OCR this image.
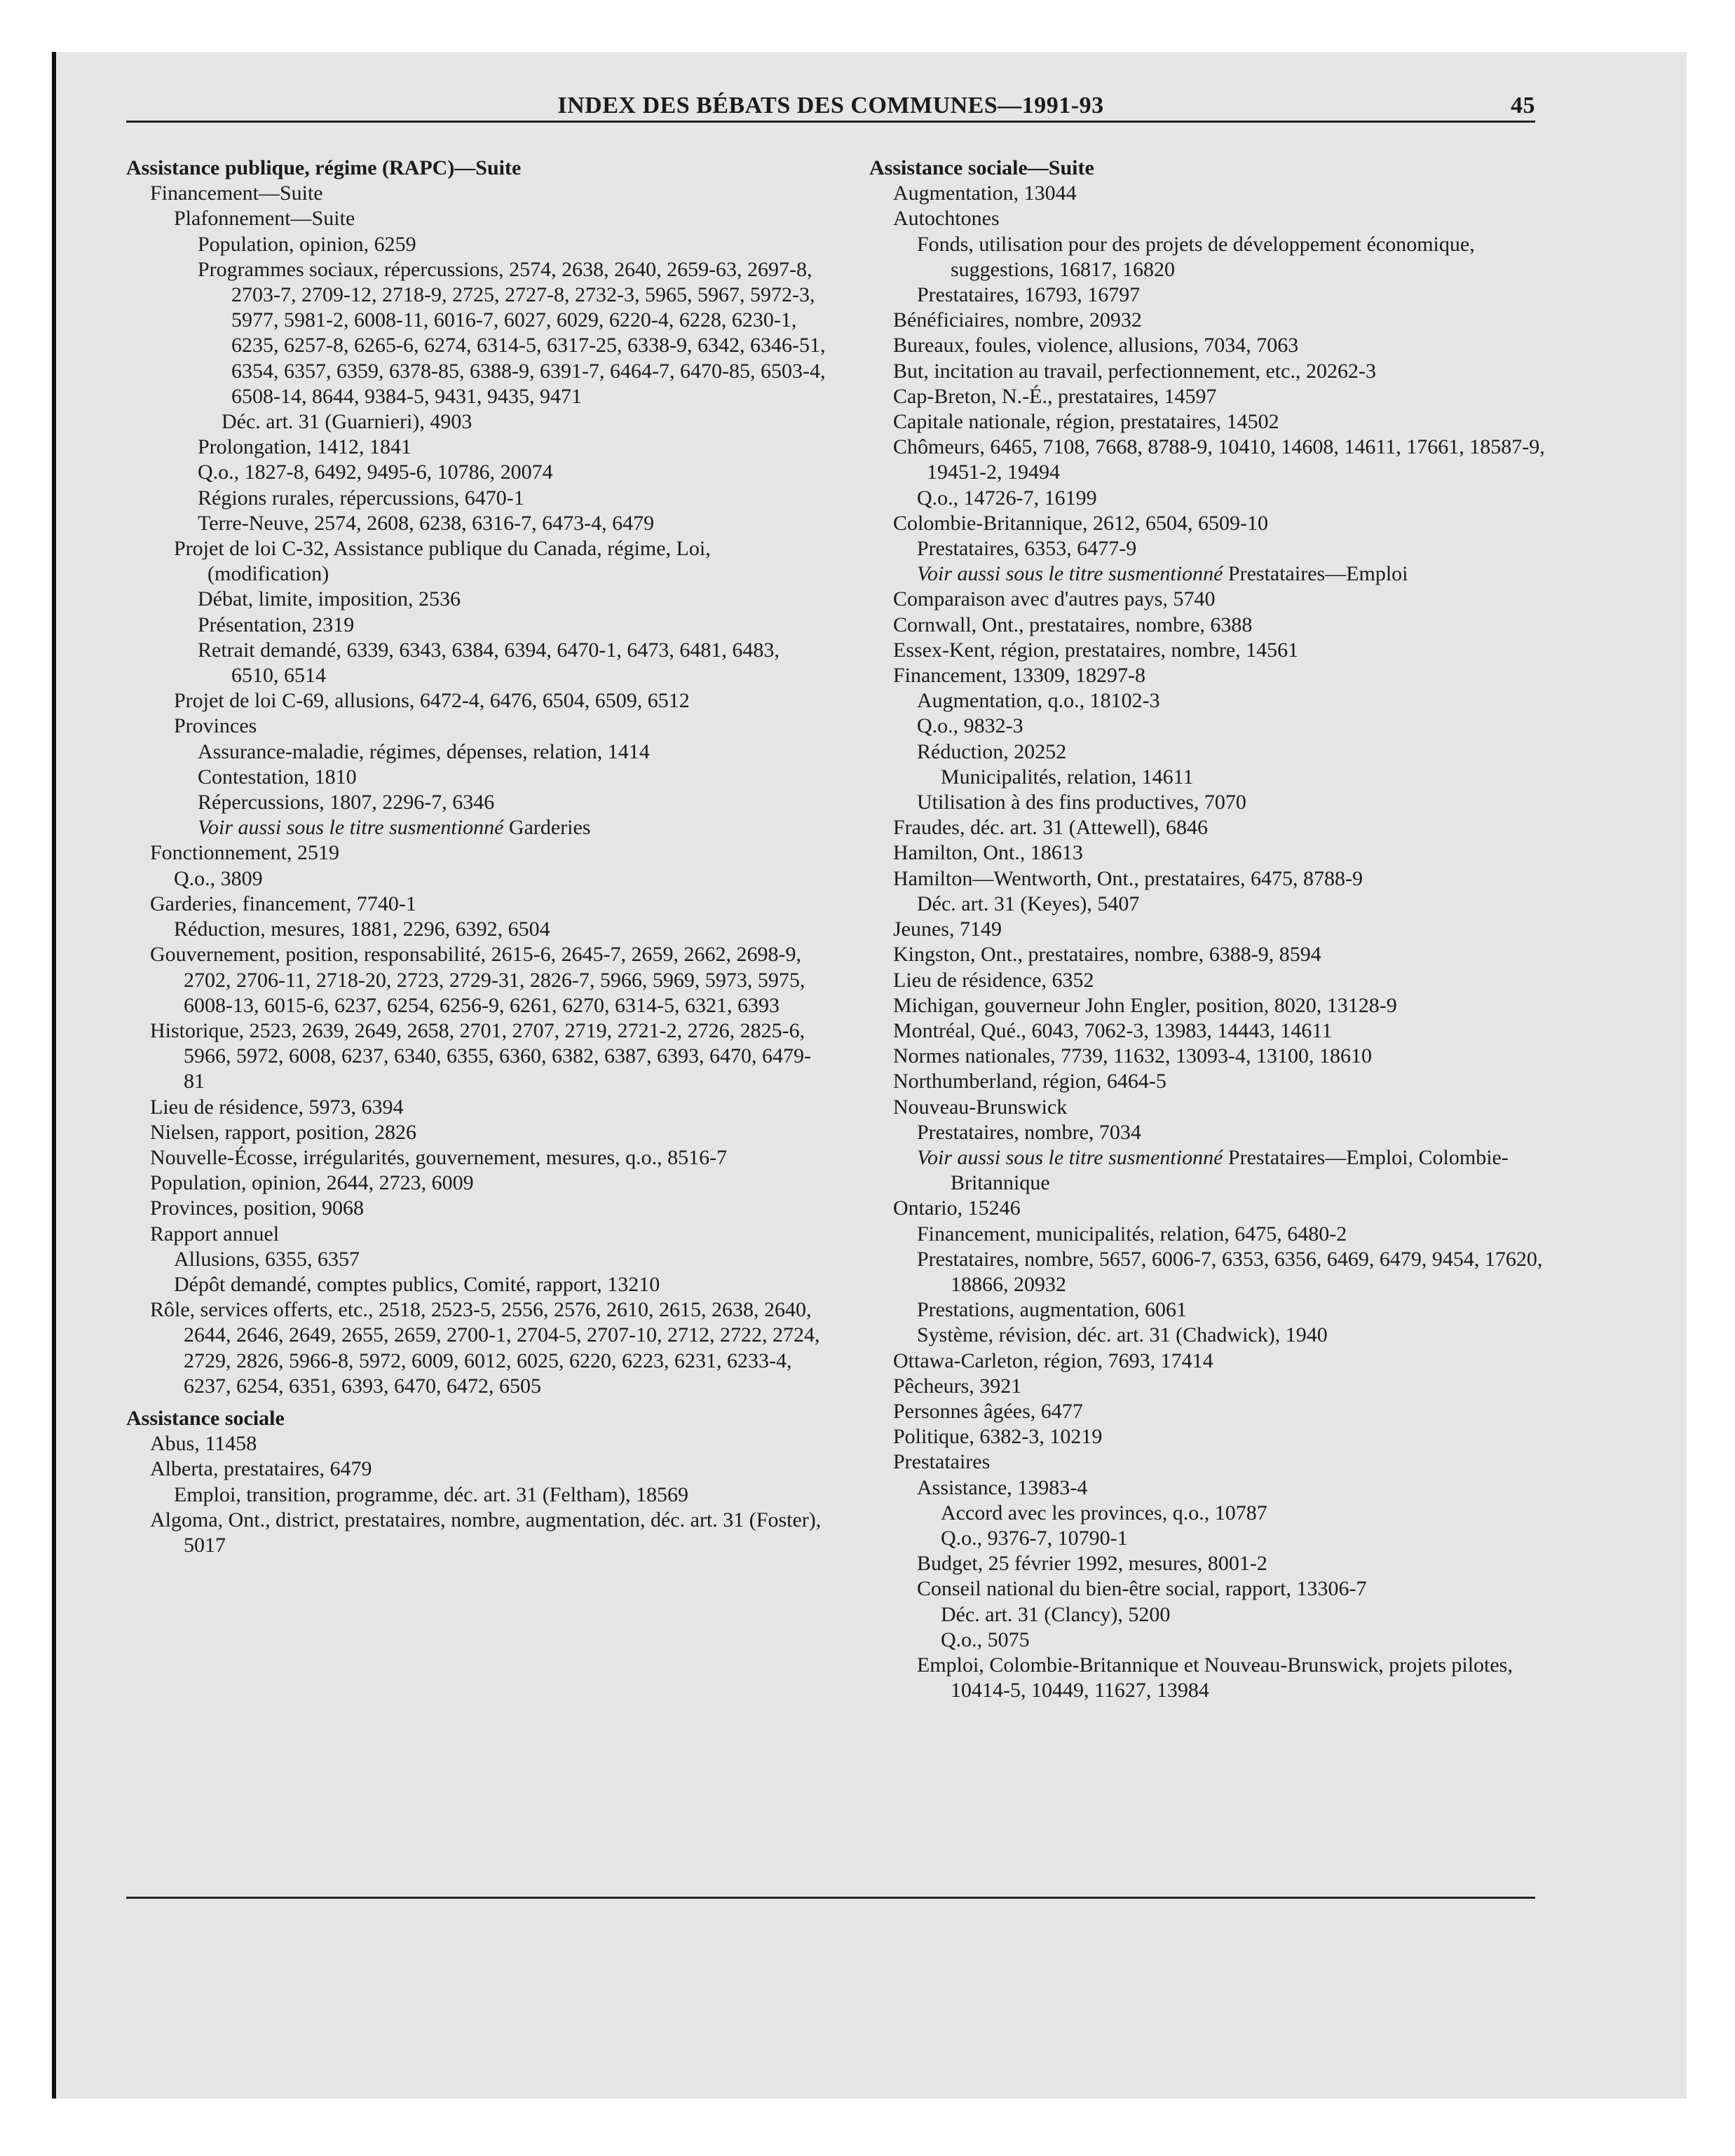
INDEX DES BÉBATS DES COMMUNES—1991-93	45
Assistance publique, régime (RAPC)—Suite
Financement—Suite
Plafonnement—Suite
Population, opinion, 6259
Programmes sociaux, répercussions, 2574, 2638, 2640, 2659-63, 2697-8, 2703-7, 2709-12, 2718-9, 2725, 2727-8, 2732-3, 5965, 5967, 5972-3, 5977, 5981-2, 6008-11, 6016-7, 6027, 6029, 6220-4, 6228, 6230-1, 6235, 6257-8, 6265-6, 6274, 6314-5, 6317-25, 6338-9, 6342, 6346-51, 6354, 6357, 6359, 6378-85, 6388-9, 6391-7, 6464-7, 6470-85, 6503-4, 6508-14, 8644, 9384-5, 9431, 9435, 9471
Déc. art. 31 (Guarnieri), 4903
Prolongation, 1412, 1841
Q.o., 1827-8, 6492, 9495-6, 10786, 20074
Régions rurales, répercussions, 6470-1
Terre-Neuve, 2574, 2608, 6238, 6316-7, 6473-4, 6479
Projet de loi C-32, Assistance publique du Canada, régime, Loi, (modification)
Débat, limite, imposition, 2536
Présentation, 2319
Retrait demandé, 6339, 6343, 6384, 6394, 6470-1, 6473, 6481, 6483, 6510, 6514
Projet de loi C-69, allusions, 6472-4, 6476, 6504, 6509, 6512
Provinces
Assurance-maladie, régimes, dépenses, relation, 1414
Contestation, 1810
Répercussions, 1807, 2296-7, 6346
Voir aussi sous le titre susmentionné Garderies
Fonctionnement, 2519
Q.o., 3809
Garderies, financement, 7740-1
Réduction, mesures, 1881, 2296, 6392, 6504
Gouvernement, position, responsabilité, 2615-6, 2645-7, 2659, 2662, 2698-9, 2702, 2706-11, 2718-20, 2723, 2729-31, 2826-7, 5966, 5969, 5973, 5975, 6008-13, 6015-6, 6237, 6254, 6256-9, 6261, 6270, 6314-5, 6321, 6393
Historique, 2523, 2639, 2649, 2658, 2701, 2707, 2719, 2721-2, 2726, 2825-6, 5966, 5972, 6008, 6237, 6340, 6355, 6360, 6382, 6387, 6393, 6470, 6479-81
Lieu de résidence, 5973, 6394
Nielsen, rapport, position, 2826
Nouvelle-Écosse, irrégularités, gouvernement, mesures, q.o., 8516-7
Population, opinion, 2644, 2723, 6009
Provinces, position, 9068
Rapport annuel
Allusions, 6355, 6357
Dépôt demandé, comptes publics, Comité, rapport, 13210
Rôle, services offerts, etc., 2518, 2523-5, 2556, 2576, 2610, 2615, 2638, 2640, 2644, 2646, 2649, 2655, 2659, 2700-1, 2704-5, 2707-10, 2712, 2722, 2724, 2729, 2826, 5966-8, 5972, 6009, 6012, 6025, 6220, 6223, 6231, 6233-4, 6237, 6254, 6351, 6393, 6470, 6472, 6505
Assistance sociale
Abus, 11458
Alberta, prestataires, 6479
Emploi, transition, programme, déc. art. 31 (Feltham), 18569
Algoma, Ont., district, prestataires, nombre, augmentation, déc. art. 31 (Foster), 5017
Assistance sociale—Suite
Augmentation, 13044
Autochtones
Fonds, utilisation pour des projets de développement économique, suggestions, 16817, 16820
Prestataires, 16793, 16797
Bénéficiaires, nombre, 20932
Bureaux, foules, violence, allusions, 7034, 7063
But, incitation au travail, perfectionnement, etc., 20262-3
Cap-Breton, N.-É., prestataires, 14597
Capitale nationale, région, prestataires, 14502
Chômeurs, 6465, 7108, 7668, 8788-9, 10410, 14608, 14611, 17661, 18587-9, 19451-2, 19494
Q.o., 14726-7, 16199
Colombie-Britannique, 2612, 6504, 6509-10
Prestataires, 6353, 6477-9
Voir aussi sous le titre susmentionné Prestataires—Emploi
Comparaison avec d'autres pays, 5740
Cornwall, Ont., prestataires, nombre, 6388
Essex-Kent, région, prestataires, nombre, 14561
Financement, 13309, 18297-8
Augmentation, q.o., 18102-3
Q.o., 9832-3
Réduction, 20252
Municipalités, relation, 14611
Utilisation à des fins productives, 7070
Fraudes, déc. art. 31 (Attewell), 6846
Hamilton, Ont., 18613
Hamilton—Wentworth, Ont., prestataires, 6475, 8788-9
Déc. art. 31 (Keyes), 5407
Jeunes, 7149
Kingston, Ont., prestataires, nombre, 6388-9, 8594
Lieu de résidence, 6352
Michigan, gouverneur John Engler, position, 8020, 13128-9
Montréal, Qué., 6043, 7062-3, 13983, 14443, 14611
Normes nationales, 7739, 11632, 13093-4, 13100, 18610
Northumberland, région, 6464-5
Nouveau-Brunswick
Prestataires, nombre, 7034
Voir aussi sous le titre susmentionné Prestataires—Emploi, Colombie-Britannique
Ontario, 15246
Financement, municipalités, relation, 6475, 6480-2
Prestataires, nombre, 5657, 6006-7, 6353, 6356, 6469, 6479, 9454, 17620, 18866, 20932
Prestations, augmentation, 6061
Système, révision, déc. art. 31 (Chadwick), 1940
Ottawa-Carleton, région, 7693, 17414
Pêcheurs, 3921
Personnes âgées, 6477
Politique, 6382-3, 10219
Prestataires
Assistance, 13983-4
Accord avec les provinces, q.o., 10787
Q.o., 9376-7, 10790-1
Budget, 25 février 1992, mesures, 8001-2
Conseil national du bien-être social, rapport, 13306-7
Déc. art. 31 (Clancy), 5200
Q.o., 5075
Emploi, Colombie-Britannique et Nouveau-Brunswick, projets pilotes, 10414-5, 10449, 11627, 13984
